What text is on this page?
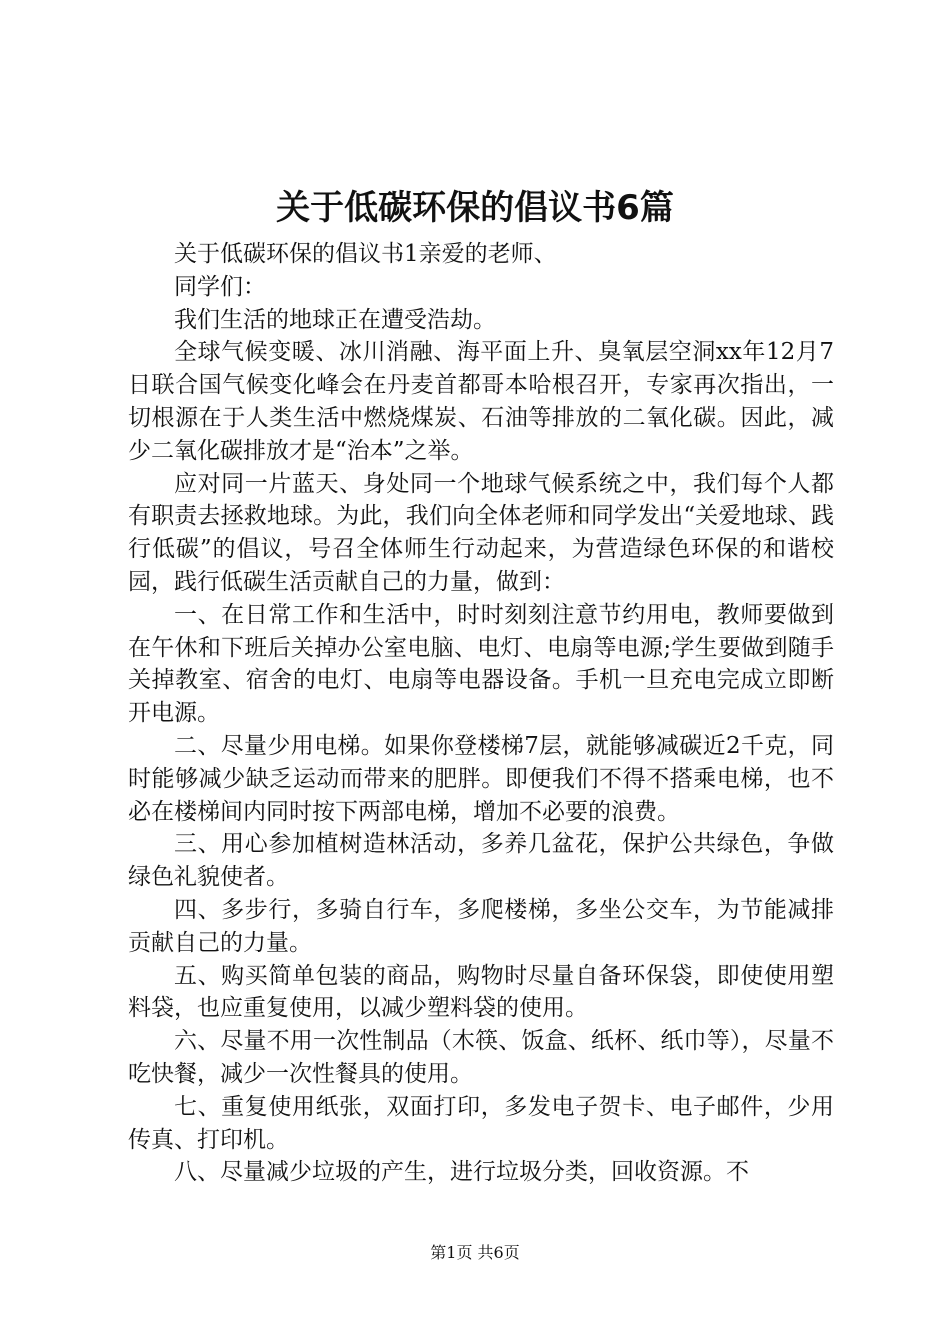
关于低碳环保的倡议书6篇

关于低碳环保的倡议书1亲爱的老师、

同学们：

我们生活的地球正在遭受浩劫。

全球气候变暖、冰川消融、海平面上升、臭氧层空洞xx年12月7日联合国气候变化峰会在丹麦首都哥本哈根召开，专家再次指出，一切根源在于人类生活中燃烧煤炭、石油等排放的二氧化碳。因此，减少二氧化碳排放才是“治本”之举。

应对同一片蓝天、身处同一个地球气候系统之中，我们每个人都有职责去拯救地球。为此，我们向全体老师和同学发出“关爱地球、践行低碳”的倡议，号召全体师生行动起来，为营造绿色环保的和谐校园，践行低碳生活贡献自己的力量，做到：

一、在日常工作和生活中，时时刻刻注意节约用电，教师要做到在午休和下班后关掉办公室电脑、电灯、电扇等电源;学生要做到随手关掉教室、宿舍的电灯、电扇等电器设备。手机一旦充电完成立即断开电源。

二、尽量少用电梯。如果你登楼梯7层，就能够减碳近2千克，同时能够减少缺乏运动而带来的肥胖。即便我们不得不搭乘电梯，也不必在楼梯间内同时按下两部电梯，增加不必要的浪费。

三、用心参加植树造林活动，多养几盆花，保护公共绿色，争做绿色礼貌使者。

四、多步行，多骑自行车，多爬楼梯，多坐公交车，为节能减排贡献自己的力量。

五、购买简单包装的商品，购物时尽量自备环保袋，即使使用塑料袋，也应重复使用，以减少塑料袋的使用。

六、尽量不用一次性制品（木筷、饭盒、纸杯、纸巾等），尽量不吃快餐，减少一次性餐具的使用。

七、重复使用纸张，双面打印，多发电子贺卡、电子邮件，少用传真、打印机。

八、尽量减少垃圾的产生，进行垃圾分类，回收资源。不

第1页 共6页
